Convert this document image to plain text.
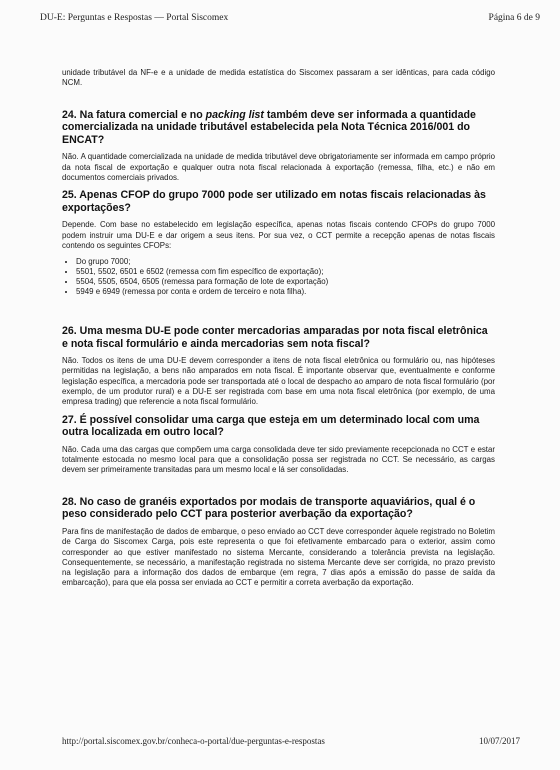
DU-E: Perguntas e Respostas — Portal Siscomex	Página 6 de 9

unidade tributável da NF-e e a unidade de medida estatística do Siscomex passaram a ser idênticas, para cada código NCM.

24. Na fatura comercial e no packing list também deve ser informada a quantidade comercializada na unidade tributável estabelecida pela Nota Técnica 2016/001 do ENCAT?

Não. A quantidade comercializada na unidade de medida tributável deve obrigatoriamente ser informada em campo próprio da nota fiscal de exportação e qualquer outra nota fiscal relacionada à exportação (remessa, filha, etc.) e não em documentos comerciais privados.

25. Apenas CFOP do grupo 7000 pode ser utilizado em notas fiscais relacionadas às exportações?

Depende. Com base no estabelecido em legislação específica, apenas notas fiscais contendo CFOPs do grupo 7000 podem instruir uma DU-E e dar origem a seus itens. Por sua vez, o CCT permite a recepção apenas de notas fiscais contendo os seguintes CFOPs:

• Do grupo 7000;
• 5501, 5502, 6501 e 6502 (remessa com fim específico de exportação);
• 5504, 5505, 6504, 6505 (remessa para formação de lote de exportação)
• 5949 e 6949 (remessa por conta e ordem de terceiro e nota filha).
26. Uma mesma DU-E pode conter mercadorias amparadas por nota fiscal eletrônica e nota fiscal formulário e ainda mercadorias sem nota fiscal?

Não. Todos os itens de uma DU-E devem corresponder a itens de nota fiscal eletrônica ou formulário ou, nas hipóteses permitidas na legislação, a bens não amparados em nota fiscal. É importante observar que, eventualmente e conforme legislação específica, a mercadoria pode ser transportada até o local de despacho ao amparo de nota fiscal formulário (por exemplo, de um produtor rural) e a DU-E ser registrada com base em uma nota fiscal eletrônica (por exemplo, de uma empresa trading) que referencie a nota fiscal formulário.

27. É possível consolidar uma carga que esteja em um determinado local com uma outra localizada em outro local?

Não. Cada uma das cargas que compõem uma carga consolidada deve ter sido previamente recepcionada no CCT e estar totalmente estocada no mesmo local para que a consolidação possa ser registrada no CCT. Se necessário, as cargas devem ser primeiramente transitadas para um mesmo local e lá ser consolidadas.

28. No caso de granéis exportados por modais de transporte aquaviários, qual é o peso considerado pelo CCT para posterior averbação da exportação?

Para fins de manifestação de dados de embarque, o peso enviado ao CCT deve corresponder àquele registrado no Boletim de Carga do Siscomex Carga, pois este representa o que foi efetivamente embarcado para o exterior, assim como corresponder ao que estiver manifestado no sistema Mercante, considerando a tolerância prevista na legislação. Consequentemente, se necessário, a manifestação registrada no sistema Mercante deve ser corrigida, no prazo previsto na legislação para a informação dos dados de embarque (em regra, 7 dias após a emissão do passe de saída da embarcação), para que ela possa ser enviada ao CCT e permitir a correta averbação da exportação.

http://portal.siscomex.gov.br/conheca-o-portal/due-perguntas-e-respostas	10/07/2017
